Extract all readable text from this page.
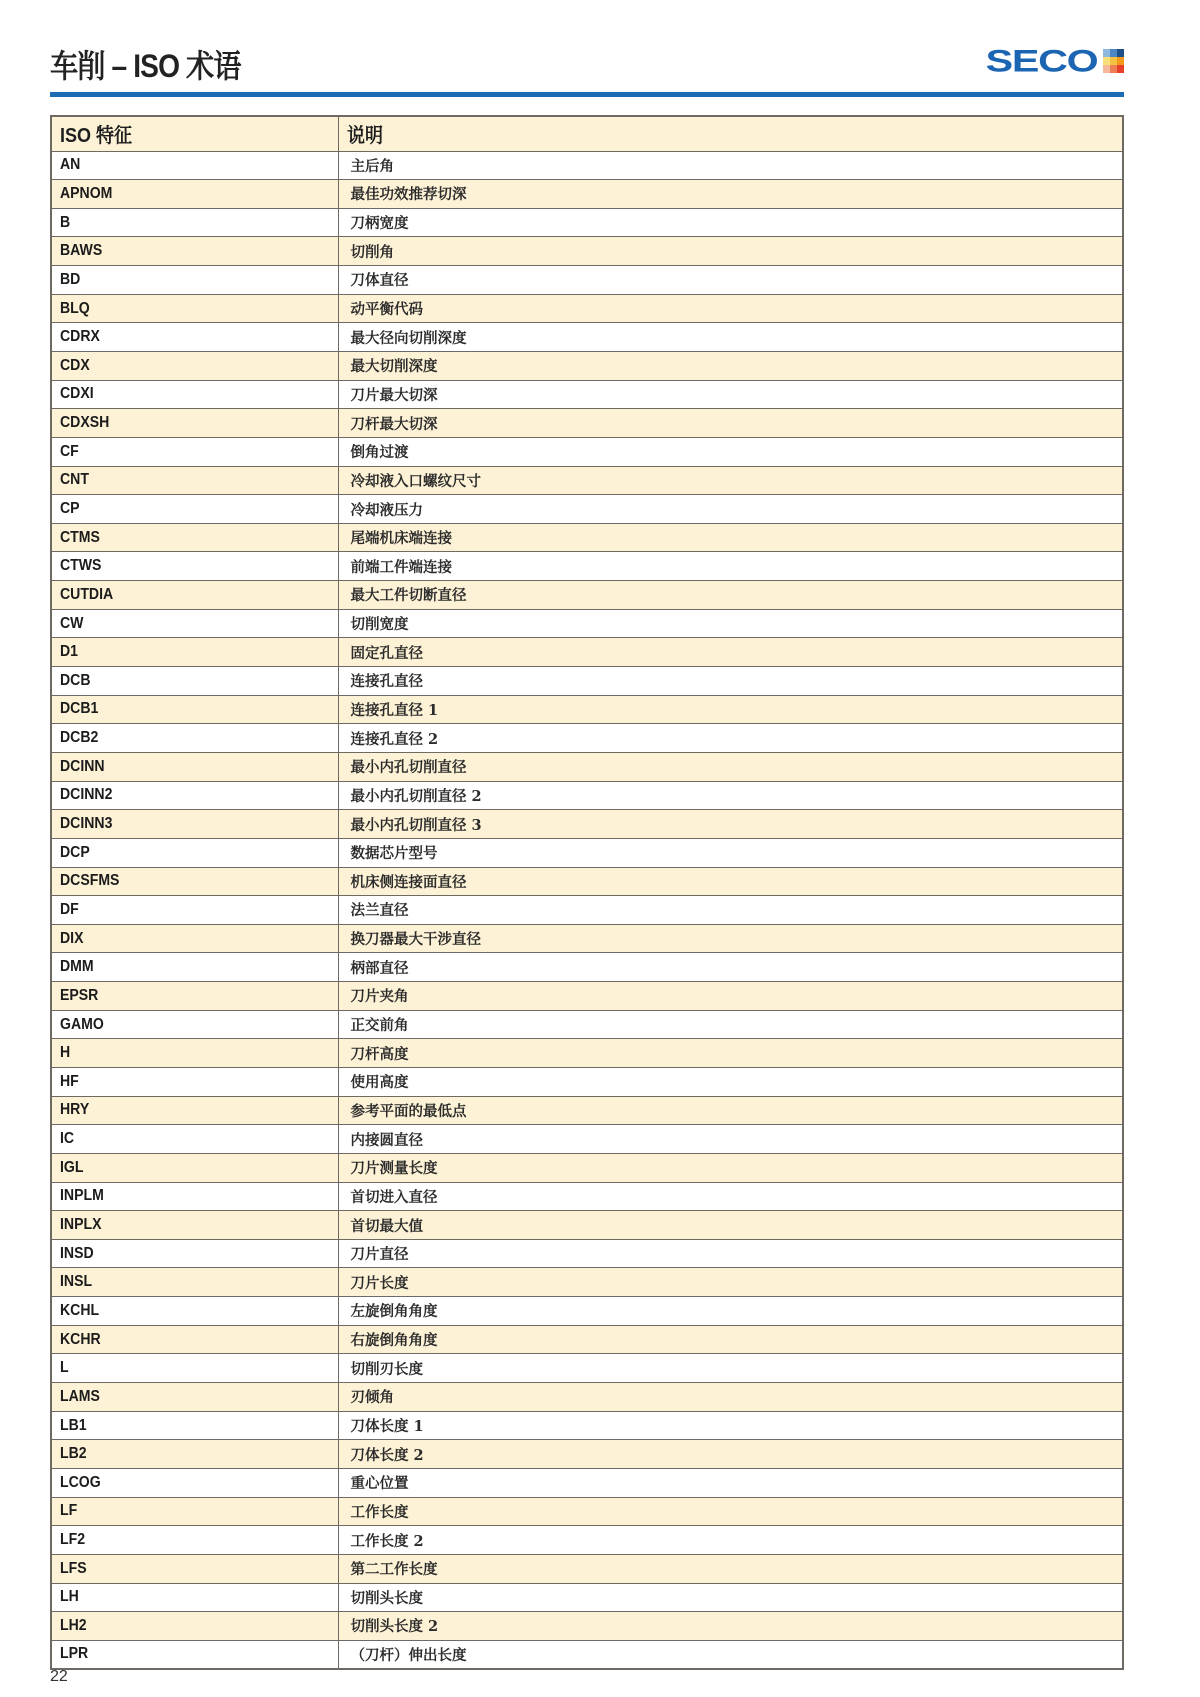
车削 – ISO 术语	SECO
ISO 特征	说明
AN	主后角
APNOM	最佳功效推荐切深
B	刀柄宽度
BAWS	切削角
BD	刀体直径
BLQ	动平衡代码
CDRX	最大径向切削深度
CDX	最大切削深度
CDXI	刀片最大切深
CDXSH	刀杆最大切深
CF	倒角过渡
CNT	冷却液入口螺纹尺寸
CP	冷却液压力
CTMS	尾端机床端连接
CTWS	前端工件端连接
CUTDIA	最大工件切断直径
CW	切削宽度
D1	固定孔直径
DCB	连接孔直径
DCB1	连接孔直径 1
DCB2	连接孔直径 2
DCINN	最小内孔切削直径
DCINN2	最小内孔切削直径 2
DCINN3	最小内孔切削直径 3
DCP	数据芯片型号
DCSFMS	机床侧连接面直径
DF	法兰直径
DIX	换刀器最大干涉直径
DMM	柄部直径
EPSR	刀片夹角
GAMO	正交前角
H	刀杆高度
HF	使用高度
HRY	参考平面的最低点
IC	内接圆直径
IGL	刀片测量长度
INPLM	首切进入直径
INPLX	首切最大值
INSD	刀片直径
INSL	刀片长度
KCHL	左旋倒角角度
KCHR	右旋倒角角度
L	切削刃长度
LAMS	刃倾角
LB1	刀体长度 1
LB2	刀体长度 2
LCOG	重心位置
LF	工作长度
LF2	工作长度 2
LFS	第二工作长度
LH	切削头长度
LH2	切削头长度 2
LPR	（刀杆）伸出长度
22
